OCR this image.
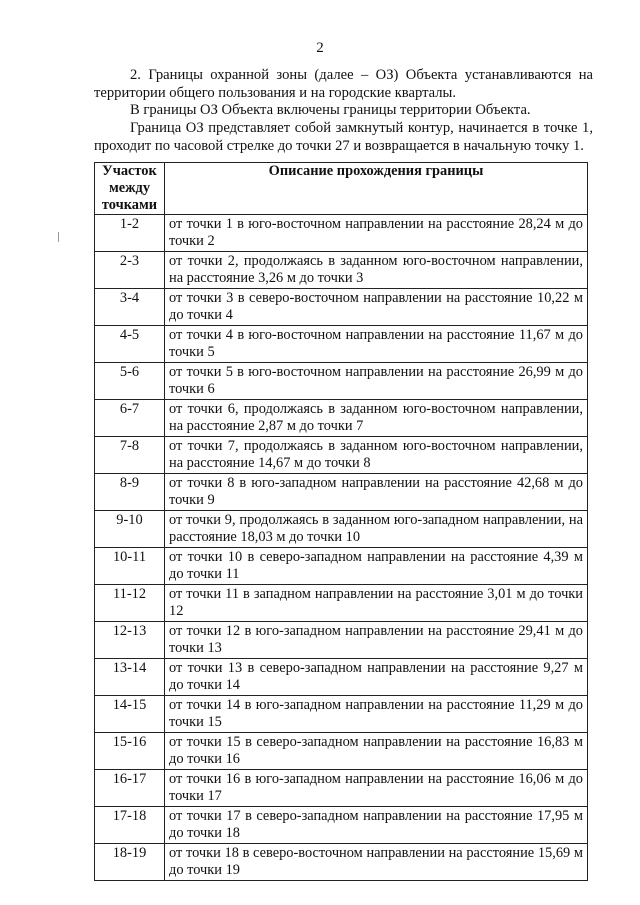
2

2. Границы охранной зоны (далее – ОЗ) Объекта устанавливаются на территории общего пользования и на городские кварталы.

В границы ОЗ Объекта включены границы территории Объекта.

Граница ОЗ представляет собой замкнутый контур, начинается в точке 1, проходит по часовой стрелке до точки 27 и возвращается в начальную точку 1.

Участок между точками	Описание прохождения границы
1-2	от точки 1 в юго-восточном направлении на расстояние 28,24 м до точки 2
2-3	от точки 2, продолжаясь в заданном юго-восточном направлении, на расстояние 3,26 м до точки 3
3-4	от точки 3 в северо-восточном направлении на расстояние 10,22 м до точки 4
4-5	от точки 4 в юго-восточном направлении на расстояние 11,67 м до точки 5
5-6	от точки 5 в юго-восточном направлении на расстояние 26,99 м до точки 6
6-7	от точки 6, продолжаясь в заданном юго-восточном направлении, на расстояние 2,87 м до точки 7
7-8	от точки 7, продолжаясь в заданном юго-восточном направлении, на расстояние 14,67 м до точки 8
8-9	от точки 8 в юго-западном направлении на расстояние 42,68 м до точки 9
9-10	от точки 9, продолжаясь в заданном юго-западном направлении, на расстояние 18,03 м до точки 10
10-11	от точки 10 в северо-западном направлении на расстояние 4,39 м до точки 11
11-12	от точки 11 в западном направлении на расстояние 3,01 м до точки 12
12-13	от точки 12 в юго-западном направлении на расстояние 29,41 м до точки 13
13-14	от точки 13 в северо-западном направлении на расстояние 9,27 м до точки 14
14-15	от точки 14 в юго-западном направлении на расстояние 11,29 м до точки 15
15-16	от точки 15 в северо-западном направлении на расстояние 16,83 м до точки 16
16-17	от точки 16 в юго-западном направлении на расстояние 16,06 м до точки 17
17-18	от точки 17 в северо-западном направлении на расстояние 17,95 м до точки 18
18-19	от точки 18 в северо-восточном направлении на расстояние 15,69 м до точки 19
